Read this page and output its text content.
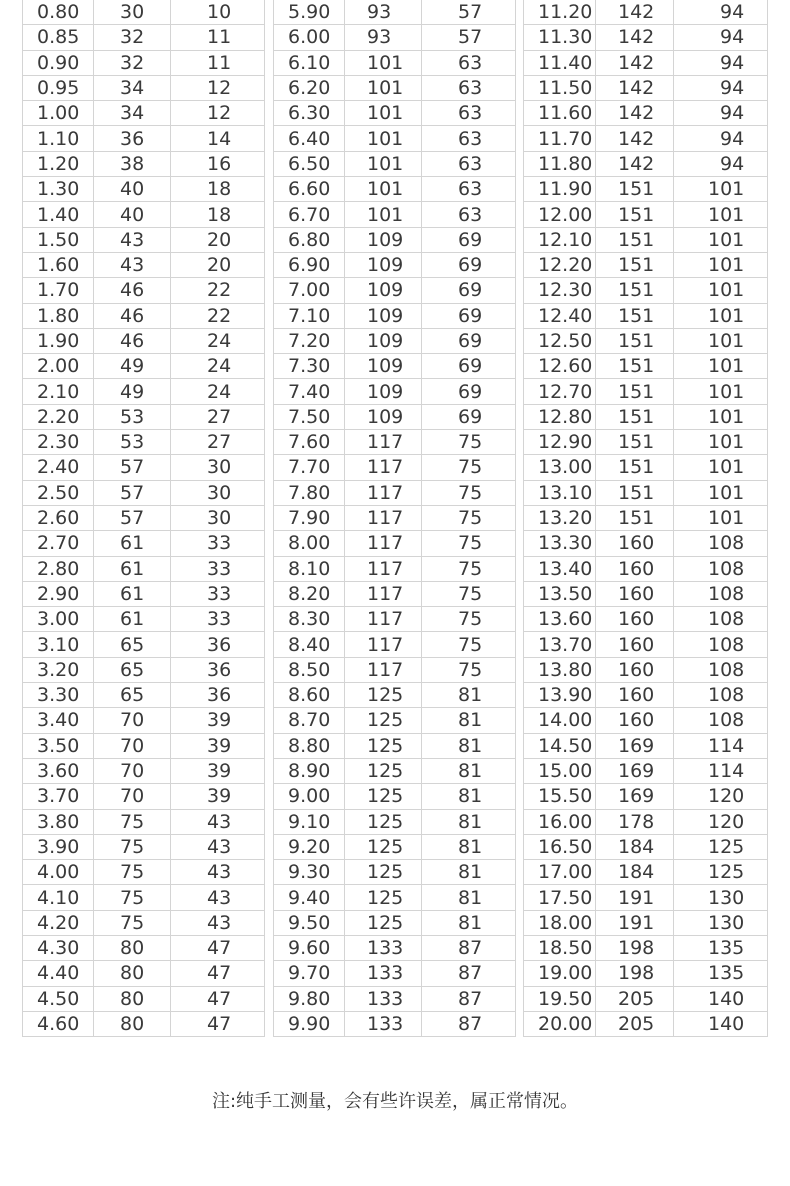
0.80	30	10
0.85	32	11
0.90	32	11
0.95	34	12
1.00	34	12
1.10	36	14
1.20	38	16
1.30	40	18
1.40	40	18
1.50	43	20
1.60	43	20
1.70	46	22
1.80	46	22
1.90	46	24
2.00	49	24
2.10	49	24
2.20	53	27
2.30	53	27
2.40	57	30
2.50	57	30
2.60	57	30
2.70	61	33
2.80	61	33
2.90	61	33
3.00	61	33
3.10	65	36
3.20	65	36
3.30	65	36
3.40	70	39
3.50	70	39
3.60	70	39
3.70	70	39
3.80	75	43
3.90	75	43
4.00	75	43
4.10	75	43
4.20	75	43
4.30	80	47
4.40	80	47
4.50	80	47
4.60	80	47
5.90	93	57
6.00	93	57
6.10	101	63
6.20	101	63
6.30	101	63
6.40	101	63
6.50	101	63
6.60	101	63
6.70	101	63
6.80	109	69
6.90	109	69
7.00	109	69
7.10	109	69
7.20	109	69
7.30	109	69
7.40	109	69
7.50	109	69
7.60	117	75
7.70	117	75
7.80	117	75
7.90	117	75
8.00	117	75
8.10	117	75
8.20	117	75
8.30	117	75
8.40	117	75
8.50	117	75
8.60	125	81
8.70	125	81
8.80	125	81
8.90	125	81
9.00	125	81
9.10	125	81
9.20	125	81
9.30	125	81
9.40	125	81
9.50	125	81
9.60	133	87
9.70	133	87
9.80	133	87
9.90	133	87
11.20	142	94
11.30	142	94
11.40	142	94
11.50	142	94
11.60	142	94
11.70	142	94
11.80	142	94
11.90	151	101
12.00	151	101
12.10	151	101
12.20	151	101
12.30	151	101
12.40	151	101
12.50	151	101
12.60	151	101
12.70	151	101
12.80	151	101
12.90	151	101
13.00	151	101
13.10	151	101
13.20	151	101
13.30	160	108
13.40	160	108
13.50	160	108
13.60	160	108
13.70	160	108
13.80	160	108
13.90	160	108
14.00	160	108
14.50	169	114
15.00	169	114
15.50	169	120
16.00	178	120
16.50	184	125
17.00	184	125
17.50	191	130
18.00	191	130
18.50	198	135
19.00	198	135
19.50	205	140
20.00	205	140
注:纯手工测量，会有些许误差，属正常情况。
